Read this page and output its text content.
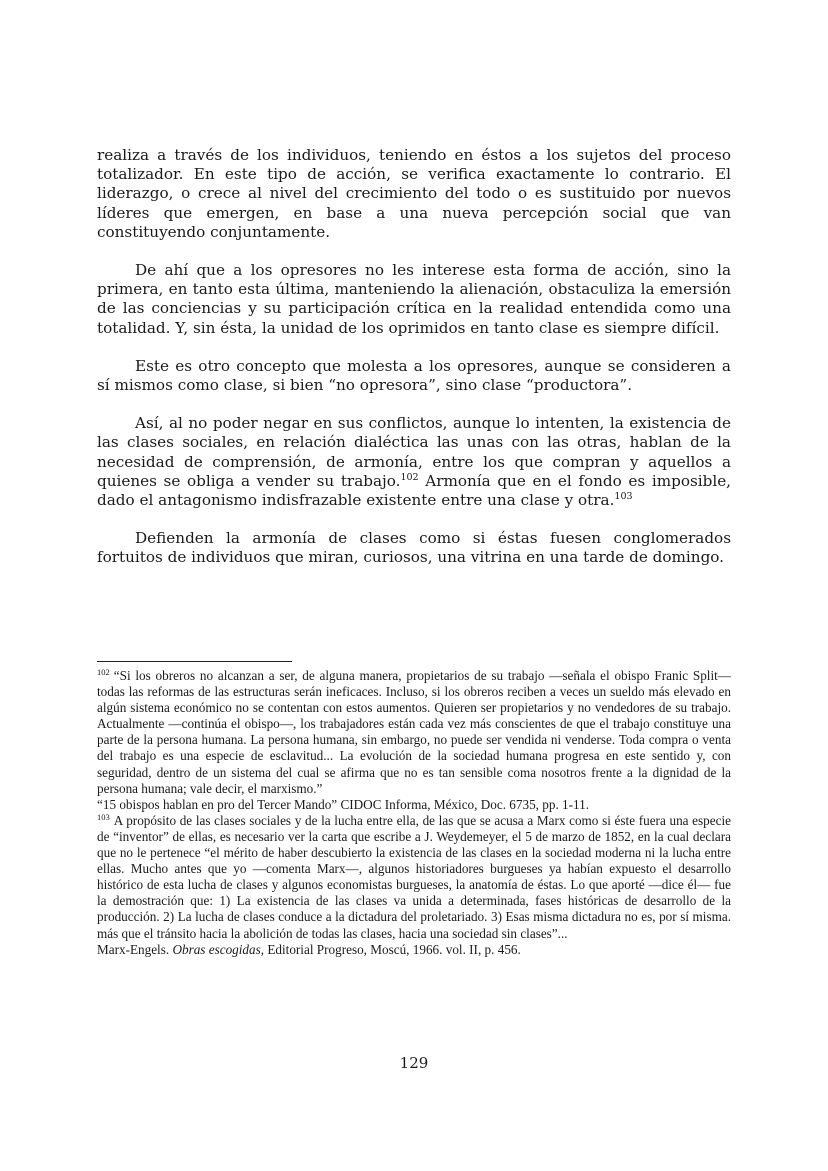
realiza a través de los individuos, teniendo en éstos a los sujetos del proceso totalizador. En este tipo de acción, se verifica exactamente lo contrario. El liderazgo, o crece al nivel del crecimiento del todo o es sustituido por nuevos líderes que emergen, en base a una nueva percepción social que van constituyendo conjuntamente.

De ahí que a los opresores no les interese esta forma de acción, sino la primera, en tanto esta última, manteniendo la alienación, obstaculiza la emersión de las conciencias y su participación crítica en la realidad entendida como una totalidad. Y, sin ésta, la unidad de los oprimidos en tanto clase es siempre difícil.

Este es otro concepto que molesta a los opresores, aunque se consideren a sí mismos como clase, si bien “no opresora”, sino clase “productora”.

Así, al no poder negar en sus conflictos, aunque lo intenten, la existencia de las clases sociales, en relación dialéctica las unas con las otras, hablan de la necesidad de comprensión, de armonía, entre los que compran y aquellos a quienes se obliga a vender su trabajo.$^{102}$ Armonía que en el fondo es imposible, dado el antagonismo indisfrazable existente entre una clase y otra.$^{103}$

Defienden la armonía de clases como si éstas fuesen conglomerados fortuitos de individuos que miran, curiosos, una vitrina en una tarde de domingo.

$^{102}$ “Si los obreros no alcanzan a ser, de alguna manera, propietarios de su trabajo —señala el obispo Franic Split— todas las reformas de las estructuras serán ineficaces. Incluso, si los obreros reciben a veces un sueldo más elevado en algún sistema económico no se contentan con estos aumentos. Quieren ser propietarios y no vendedores de su trabajo. Actualmente —continúa el obispo—, los trabajadores están cada vez más conscientes de que el trabajo constituye una parte de la persona humana. La persona humana, sin embargo, no puede ser vendida ni venderse. Toda compra o venta del trabajo es una especie de esclavitud... La evolución de la sociedad humana progresa en este sentido y, con seguridad, dentro de un sistema del cual se afirma que no es tan sensible coma nosotros frente a la dignidad de la persona humana; vale decir, el marxismo.”

“15 obispos hablan en pro del Tercer Mando” CIDOC Informa, México, Doc. 6735, pp. 1-11.

$^{103}$ A propósito de las clases sociales y de la lucha entre ella, de las que se acusa a Marx como si éste fuera una especie de “inventor” de ellas, es necesario ver la carta que escribe a J. Weydemeyer, el 5 de marzo de 1852, en la cual declara que no le pertenece “el mérito de haber descubierto la existencia de las clases en la sociedad moderna ni la lucha entre ellas. Mucho antes que yo —comenta Marx—, algunos historiadores burgueses ya habían expuesto el desarrollo histórico de esta lucha de clases y algunos economistas burgueses, la anatomía de éstas. Lo que aporté —dice él— fue la demostración que: 1) La existencia de las clases va unida a determinada, fases históricas de desarrollo de la producción. 2) La lucha de clases conduce a la dictadura del proletariado. 3) Esas misma dictadura no es, por sí misma. más que el tránsito hacia la abolición de todas las clases, hacia una sociedad sin clases”...

Marx-Engels. Obras escogidas, Editorial Progreso, Moscú, 1966. vol. II, p. 456.

129
